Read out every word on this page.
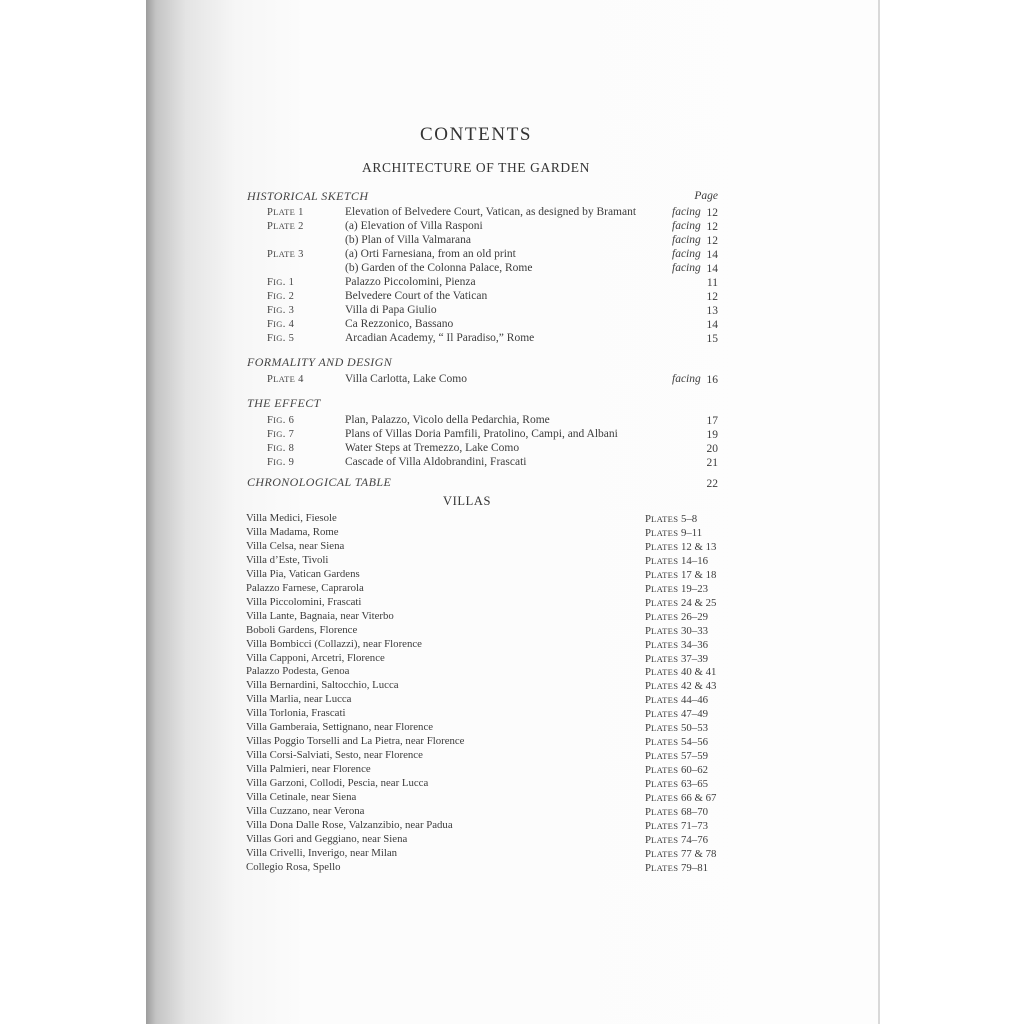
CONTENTS
ARCHITECTURE OF THE GARDEN
Page
HISTORICAL SKETCH
PLATE 1	Elevation of Belvedere Court, Vatican, as designed by Bramant	facing 12
PLATE 2	(a) Elevation of Villa Rasponi	facing 12
(b) Plan of Villa Valmarana	facing 12
PLATE 3	(a) Orti Farnesiana, from an old print	facing 14
(b) Garden of the Colonna Palace, Rome	facing 14
FIG. 1	Palazzo Piccolomini, Pienza	11
FIG. 2	Belvedere Court of the Vatican	12
FIG. 3	Villa di Papa Giulio	13
FIG. 4	Ca Rezzonico, Bassano	14
FIG. 5	Arcadian Academy, “ Il Paradiso,” Rome	15
FORMALITY AND DESIGN
PLATE 4	Villa Carlotta, Lake Como	facing 16
THE EFFECT
FIG. 6	Plan, Palazzo, Vicolo della Pedarchia, Rome	17
FIG. 7	Plans of Villas Doria Pamfili, Pratolino, Campi, and Albani	19
FIG. 8	Water Steps at Tremezzo, Lake Como	20
FIG. 9	Cascade of Villa Aldobrandini, Frascati	21
CHRONOLOGICAL TABLE	22
VILLAS
Villa Medici, Fiesole	PLATES 5–8
Villa Madama, Rome	PLATES 9–11
Villa Celsa, near Siena	PLATES 12 & 13
Villa d’Este, Tivoli	PLATES 14–16
Villa Pia, Vatican Gardens	PLATES 17 & 18
Palazzo Farnese, Caprarola	PLATES 19–23
Villa Piccolomini, Frascati	PLATES 24 & 25
Villa Lante, Bagnaia, near Viterbo	PLATES 26–29
Boboli Gardens, Florence	PLATES 30–33
Villa Bombicci (Collazzi), near Florence	PLATES 34–36
Villa Capponi, Arcetri, Florence	PLATES 37–39
Palazzo Podesta, Genoa	PLATES 40 & 41
Villa Bernardini, Saltocchio, Lucca	PLATES 42 & 43
Villa Marlia, near Lucca	PLATES 44–46
Villa Torlonia, Frascati	PLATES 47–49
Villa Gamberaia, Settignano, near Florence	PLATES 50–53
Villas Poggio Torselli and La Pietra, near Florence	PLATES 54–56
Villa Corsi-Salviati, Sesto, near Florence	PLATES 57–59
Villa Palmieri, near Florence	PLATES 60–62
Villa Garzoni, Collodi, Pescia, near Lucca	PLATES 63–65
Villa Cetinale, near Siena	PLATES 66 & 67
Villa Cuzzano, near Verona	PLATES 68–70
Villa Dona Dalle Rose, Valzanzibio, near Padua	PLATES 71–73
Villas Gori and Geggiano, near Siena	PLATES 74–76
Villa Crivelli, Inverigo, near Milan	PLATES 77 & 78
Collegio Rosa, Spello	PLATES 79–81
